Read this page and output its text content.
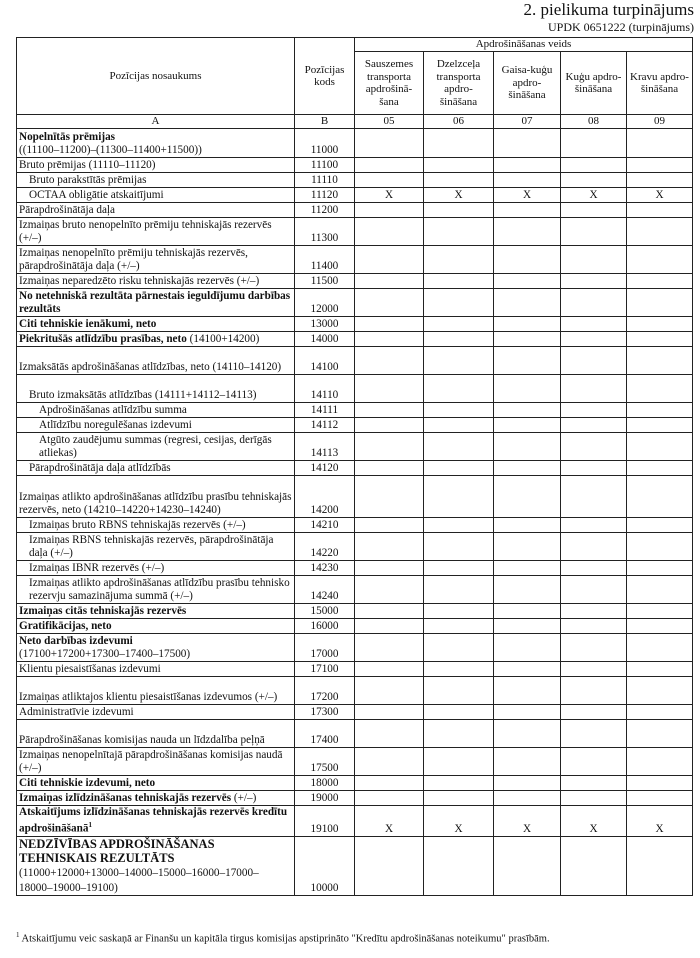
2. pielikuma turpinājums
UPDK 0651222 (turpinājums)
Pozīcijas nosaukums	Pozīcijas kods	Apdrošināšanas veids				
		Sauszemes transporta apdrošinā-šana	Dzelzceļa transporta apdro-šināšana	Gaisa-kuģu apdro-šināšana	Kuģu apdro-šināšana	Kravu apdro-šināšana
A	B	05	06	07	08	09
Nopelnītās prēmijas
((11100–11200)–(11300–11400+11500))	11000					
Bruto prēmijas (11110–11120)	11100					
Bruto parakstītās prēmijas	11110					
OCTAA obligātie atskaitījumi	11120	X	X	X	X	X
Pārapdrošinātāja daļa	11200					
Izmaiņas bruto nenopelnīto prēmiju tehniskajās rezervēs (+/–)	11300					
Izmaiņas nenopelnīto prēmiju tehniskajās rezervēs, pārapdrošinātāja daļa (+/–)	11400					
Izmaiņas neparedzēto risku tehniskajās rezervēs (+/–)	11500					
No netehniskā rezultāta pārnestais ieguldījumu darbības rezultāts	12000					
Citi tehniskie ienākumi, neto	13000					
Piekritušās atlīdzību prasības, neto (14100+14200)	14000					
Izmaksātās apdrošināšanas atlīdzības, neto (14110–14120)	14100					
Bruto izmaksātās atlīdzības (14111+14112–14113)	14110					
Apdrošināšanas atlīdzību summa	14111					
Atlīdzību noregulēšanas izdevumi	14112					
Atgūto zaudējumu summas (regresi, cesijas, derīgās atliekas)	14113					
Pārapdrošinātāja daļa atlīdzībās	14120					
Izmaiņas atlikto apdrošināšanas atlīdzību prasību tehniskajās rezervēs, neto (14210–14220+14230–14240)	14200					
Izmaiņas bruto RBNS tehniskajās rezervēs (+/–)	14210					
Izmaiņas RBNS tehniskajās rezervēs, pārapdrošinātāja daļa (+/–)	14220					
Izmaiņas IBNR rezervēs (+/–)	14230					
Izmaiņas atlikto apdrošināšanas atlīdzību prasību tehnisko rezervju samazinājuma summā (+/–)	14240					
Izmaiņas citās tehniskajās rezervēs	15000					
Gratifikācijas, neto	16000					
Neto darbības izdevumi
(17100+17200+17300–17400–17500)	17000					
Klientu piesaistīšanas izdevumi	17100					
Izmaiņas atliktajos klientu piesaistīšanas izdevumos (+/–)	17200					
Administratīvie izdevumi	17300					
Pārapdrošināšanas komisijas nauda un līdzdalība peļņā	17400					
Izmaiņas nenopelnītajā pārapdrošināšanas komisijas naudā (+/–)	17500					
Citi tehniskie izdevumi, neto	18000					
Izmaiņas izlīdzināšanas tehniskajās rezervēs (+/–)	19000					
Atskaitījums izlīdzināšanas tehniskajās rezervēs kredītu apdrošināšanā$^1$	19100	X	X	X	X	X
NEDZĪVĪBAS APDROŠINĀŠANAS TEHNISKAIS REZULTĀTS
(11000+12000+13000–14000–15000–16000–17000–18000–19000–19100)	10000					
$^1$ Atskaitījumu veic saskaņā ar Finanšu un kapitāla tirgus komisijas apstiprināto "Kredītu apdrošināšanas noteikumu" prasībām.
